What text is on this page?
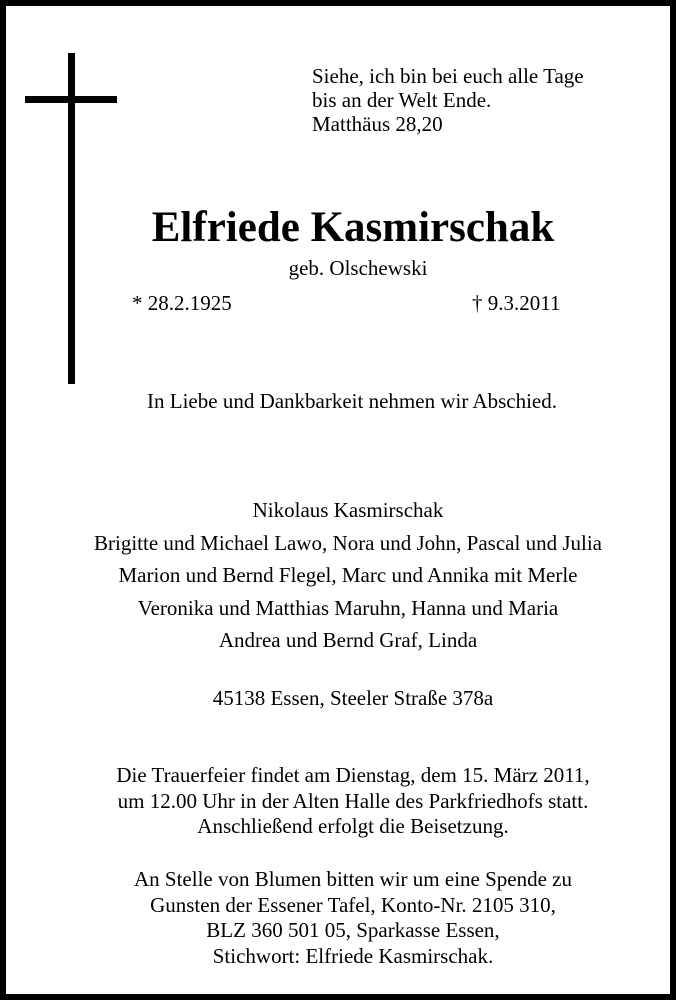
Siehe, ich bin bei euch alle Tage
bis an der Welt Ende.
Matthäus 28,20
Elfriede Kasmirschak
geb. Olschewski
* 28.2.1925	† 9.3.2011
In Liebe und Dankbarkeit nehmen wir Abschied.
Nikolaus Kasmirschak
Brigitte und Michael Lawo, Nora und John, Pascal und Julia
Marion und Bernd Flegel, Marc und Annika mit Merle
Veronika und Matthias Maruhn, Hanna und Maria
Andrea und Bernd Graf, Linda
45138 Essen, Steeler Straße 378a
Die Trauerfeier findet am Dienstag, dem 15. März 2011,
um 12.00 Uhr in der Alten Halle des Parkfriedhofs statt.
Anschließend erfolgt die Beisetzung.
An Stelle von Blumen bitten wir um eine Spende zu
Gunsten der Essener Tafel, Konto-Nr. 2105 310,
BLZ 360 501 05, Sparkasse Essen,
Stichwort: Elfriede Kasmirschak.
